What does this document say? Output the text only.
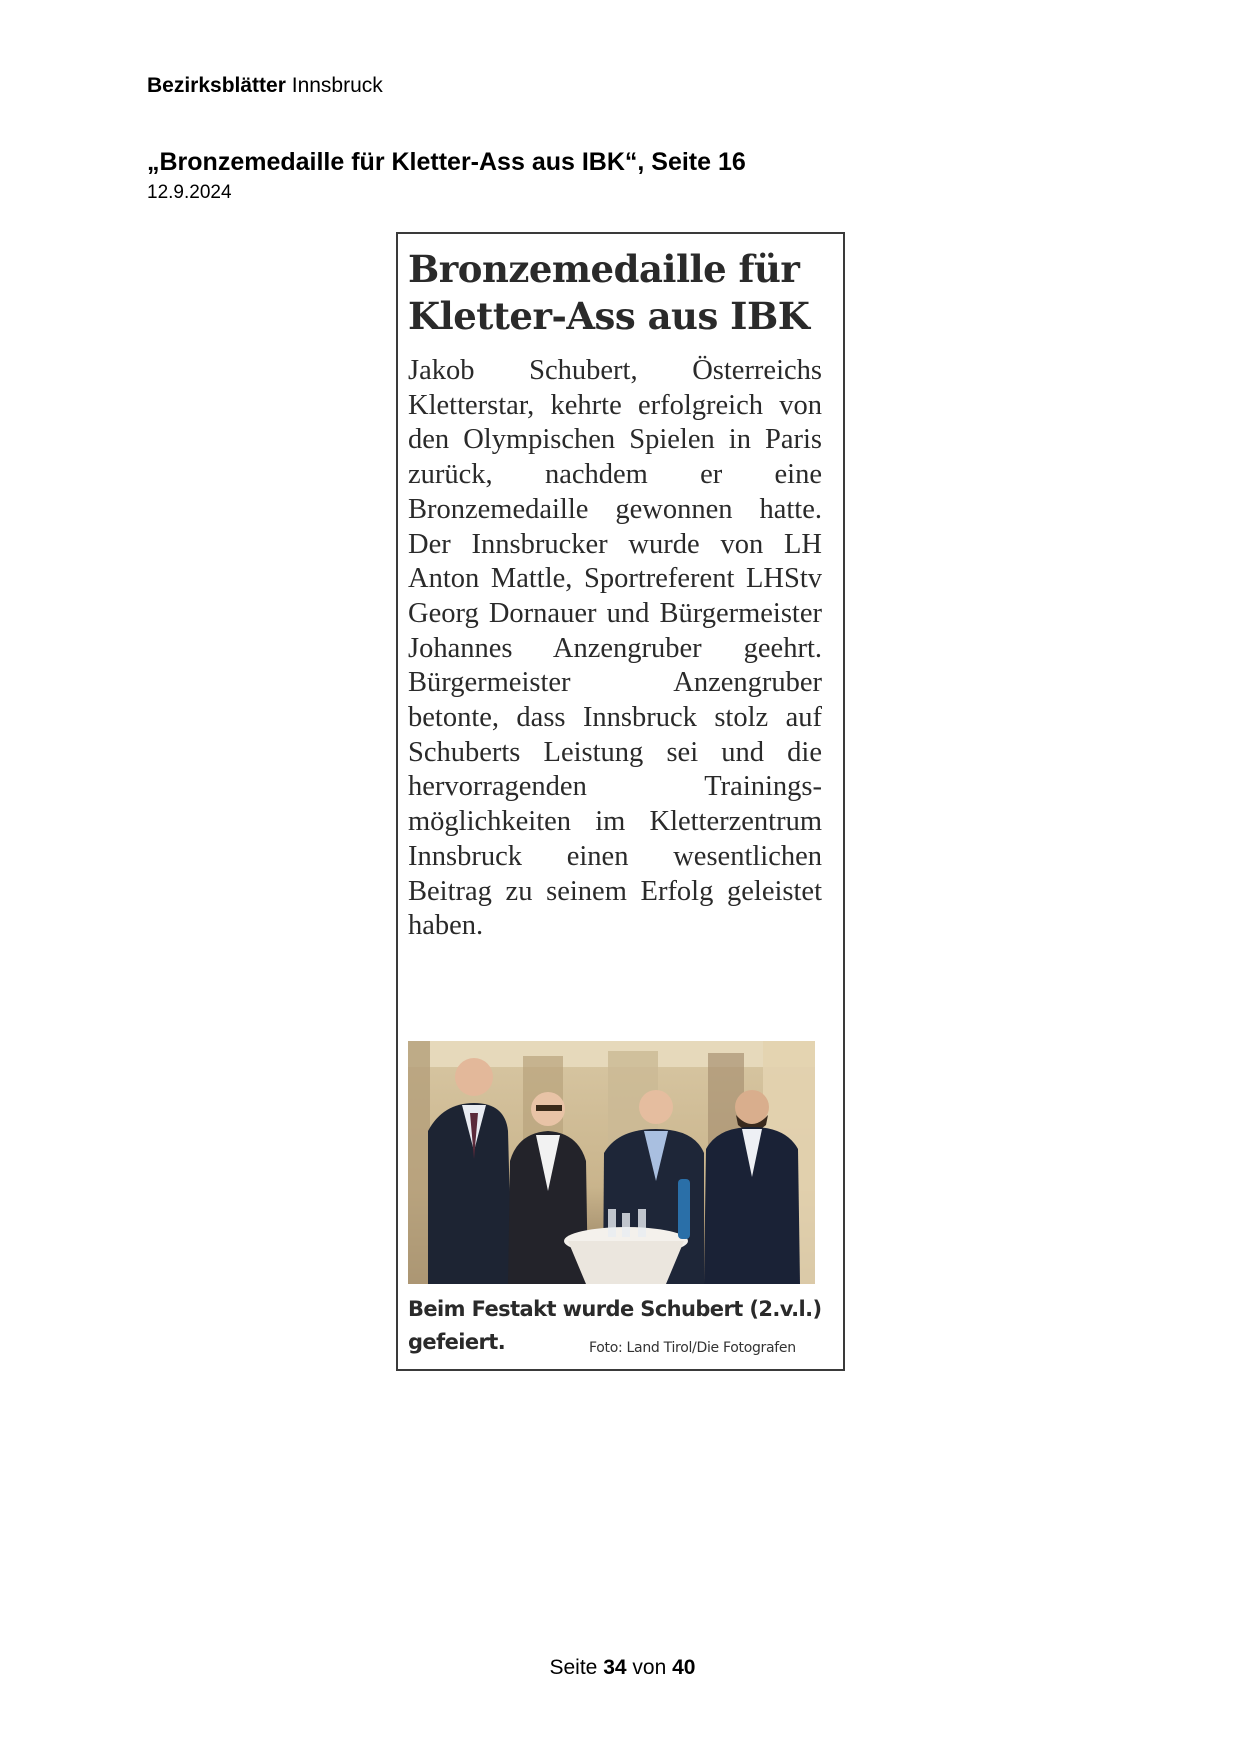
Bezirksblätter Innsbruck
„Bronzemedaille für Kletter-Ass aus IBK“, Seite 16
12.9.2024
Bronzemedaille für
Kletter-Ass aus IBK
Jakob Schubert, Österreichs Kletterstar, kehrte erfolgreich von den Olympischen Spielen in Paris zurück, nachdem er eine Bronzemedaille gewonnen hatte. Der Innsbrucker wurde von LH Anton Mattle, Sportreferent LHStv Georg Dornauer und Bürgermeister Johannes Anzengruber geehrt. Bürgermeister Anzengruber betonte, dass Innsbruck stolz auf Schuberts Leistung sei und die hervorragenden Trainingsmöglichkeiten im Kletterzentrum Innsbruck einen wesentlichen Beitrag zu seinem Erfolg geleistet haben.
Beim Festakt wurde Schubert (2.v.l.)
gefeiert.	Foto: Land Tirol/Die Fotografen
Seite 34 von 40
